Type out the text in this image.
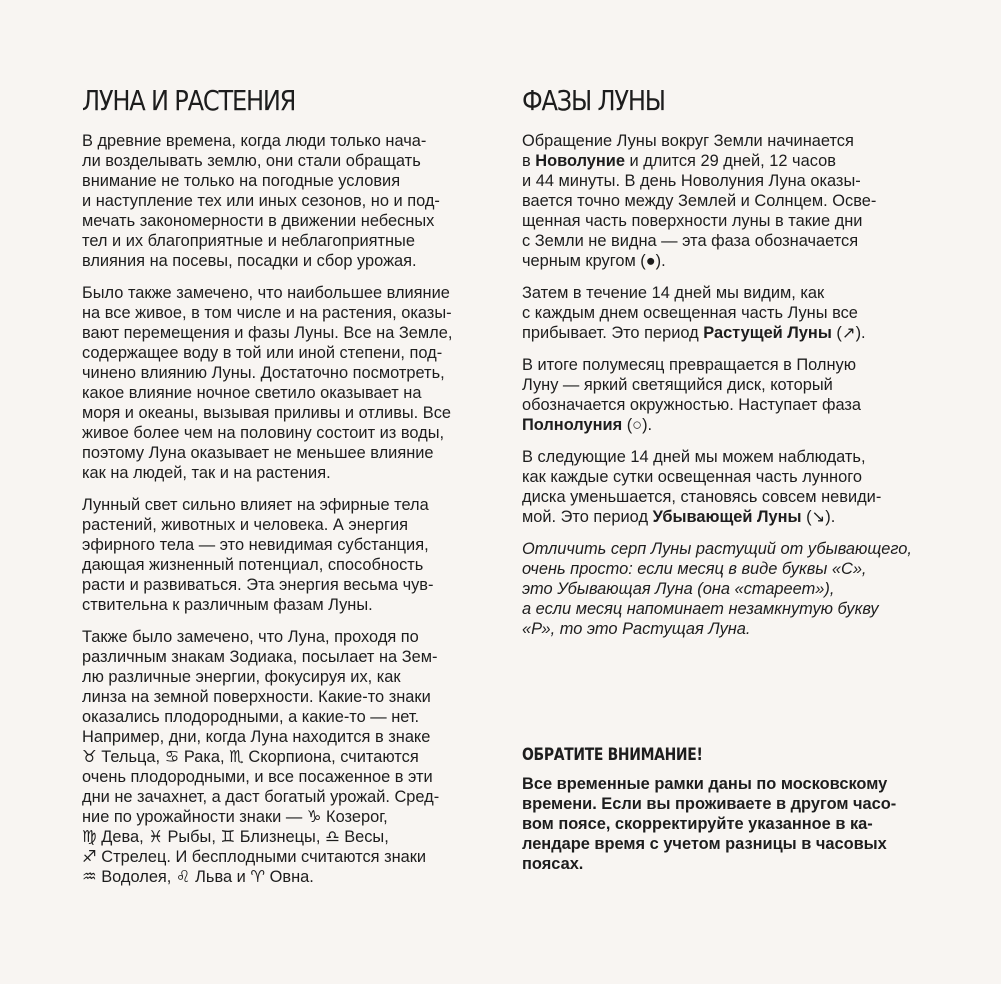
ЛУНА И РАСТЕНИЯ
В древние времена, когда люди только нача-
ли возделывать землю, они стали обращать
внимание не только на погодные условия
и наступление тех или иных сезонов, но и под-
мечать закономерности в движении небесных
тел и их благоприятные и неблагоприятные
влияния на посевы, посадки и сбор урожая.
Было также замечено, что наибольшее влияние
на все живое, в том числе и на растения, оказы-
вают перемещения и фазы Луны. Все на Земле,
содержащее воду в той или иной степени, под-
чинено влиянию Луны. Достаточно посмотреть,
какое влияние ночное светило оказывает на
моря и океаны, вызывая приливы и отливы. Все
живое более чем на половину состоит из воды,
поэтому Луна оказывает не меньшее влияние
как на людей, так и на растения.
Лунный свет сильно влияет на эфирные тела
растений, животных и человека. А энергия
эфирного тела — это невидимая субстанция,
дающая жизненный потенциал, способность
расти и развиваться. Эта энергия весьма чув-
ствительна к различным фазам Луны.
Также было замечено, что Луна, проходя по
различным знакам Зодиака, посылает на Зем-
лю различные энергии, фокусируя их, как
линза на земной поверхности. Какие-то знаки
оказались плодородными, а какие-то — нет.
Например, дни, когда Луна находится в знаке
♉ Тельца, ♋ Рака, ♏ Скорпиона, считаются
очень плодородными, и все посаженное в эти
дни не зачахнет, а даст богатый урожай. Сред-
ние по урожайности знаки — ♑ Козерог,
♍ Дева, ♓ Рыбы, ♊ Близнецы, ♎ Весы,
♐ Стрелец. И бесплодными считаются знаки
♒ Водолея, ♌ Льва и ♈ Овна.
ФАЗЫ ЛУНЫ
Обращение Луны вокруг Земли начинается
в Новолуние и длится 29 дней, 12 часов
и 44 минуты. В день Новолуния Луна оказы-
вается точно между Землей и Солнцем. Осве-
щенная часть поверхности луны в такие дни
с Земли не видна — эта фаза обозначается
черным кругом (●).
Затем в течение 14 дней мы видим, как
с каждым днем освещенная часть Луны все
прибывает. Это период Растущей Луны (↗).
В итоге полумесяц превращается в Полную
Луну — яркий светящийся диск, который
обозначается окружностью. Наступает фаза
Полнолуния (○).
В следующие 14 дней мы можем наблюдать,
как каждые сутки освещенная часть лунного
диска уменьшается, становясь совсем невиди-
мой. Это период Убывающей Луны (↘).
Отличить серп Луны растущий от убывающего,
очень просто: если месяц в виде буквы «С»,
это Убывающая Луна (она «стареет»),
а если месяц напоминает незамкнутую букву
«Р», то это Растущая Луна.
ОБРАТИТЕ ВНИМАНИЕ!
Все временные рамки даны по московскому
времени. Если вы проживаете в другом часо-
вом поясе, скорректируйте указанное в ка-
лендаре время с учетом разницы в часовых
поясах.
